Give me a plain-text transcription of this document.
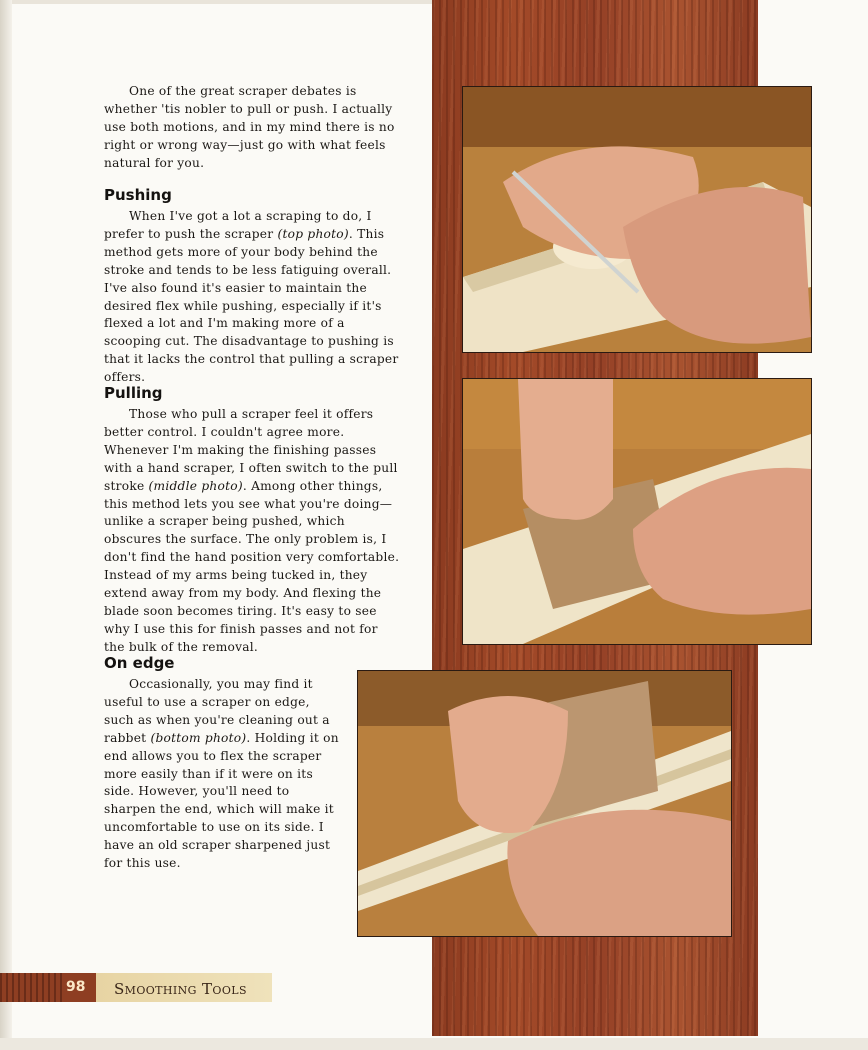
One of the great scraper debates is whether 'tis nobler to pull or push. I actually use both motions, and in my mind there is no right or wrong way—just go with what feels natural for you.

Pushing

When I've got a lot a scraping to do, I prefer to push the scraper (top photo). This method gets more of your body behind the stroke and tends to be less fatiguing overall. I've also found it's easier to maintain the desired flex while pushing, especially if it's flexed a lot and I'm making more of a scooping cut. The disadvantage to pushing is that it lacks the control that pulling a scraper offers.

Pulling

Those who pull a scraper feel it offers better control. I couldn't agree more. Whenever I'm making the finishing passes with a hand scraper, I often switch to the pull stroke (middle photo). Among other things, this method lets you see what you're doing—unlike a scraper being pushed, which obscures the surface. The only problem is, I don't find the hand position very comfortable. Instead of my arms being tucked in, they extend away from my body. And flexing the blade soon becomes tiring. It's easy to see why I use this for finish passes and not for the bulk of the removal.

On edge

Occasionally, you may find it useful to use a scraper on edge, such as when you're cleaning out a rabbet (bottom photo). Holding it on end allows you to flex the scraper more easily than if it were on its side. However, you'll need to sharpen the end, which will make it uncomfortable to use on its side. I have an old scraper sharpened just for this use.

98	Smoothing Tools
